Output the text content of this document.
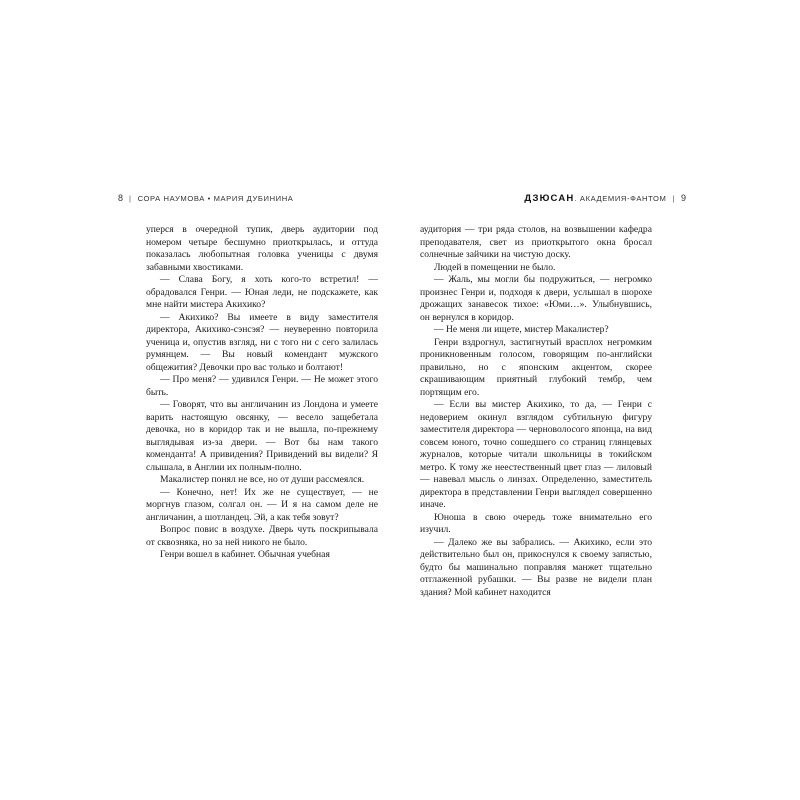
8 | СОРА НАУМОВА • МАРИЯ ДУБИНИНА

уперся в очередной тупик, дверь аудитории под номером четыре бесшумно приоткрылась, и оттуда показалась любопытная головка ученицы с двумя забавными хвостиками.

— Слава Богу, я хоть кого-то встретил! — обрадовался Генри. — Юная леди, не подскажете, как мне найти мистера Акихико?

— Акихико? Вы имеете в виду заместителя директора, Акихико-сэнсэя? — неуверенно повторила ученица и, опустив взгляд, ни с того ни с сего залилась румянцем. — Вы новый комендант мужского общежития? Девочки про вас только и болтают!

— Про меня? — удивился Генри. — Не может этого быть.

— Говорят, что вы англичанин из Лондона и умеете варить настоящую овсянку, — весело защебетала девочка, но в коридор так и не вышла, по-прежнему выглядывая из-за двери. — Вот бы нам такого коменданта! А привидения? Привидений вы видели? Я слышала, в Англии их полным-полно.

Макалистер понял не все, но от души рассмеялся.

— Конечно, нет! Их же не существует, — не моргнув глазом, солгал он. — И я на самом деле не англичанин, а шотландец. Эй, а как тебя зовут?

Вопрос повис в воздухе. Дверь чуть поскрипывала от сквозняка, но за ней никого не было.

Генри вошел в кабинет. Обычная учебная

ДЗЮСАН . АКАДЕМИЯ-ФАНТОМ | 9

аудитория — три ряда столов, на возвышении кафедра преподавателя, свет из приоткрытого окна бросал солнечные зайчики на чистую доску.

Людей в помещении не было.

— Жаль, мы могли бы подружиться, — негромко произнес Генри и, подходя к двери, услышал в шорохе дрожащих занавесок тихое: «Юми…». Улыбнувшись, он вернулся в коридор.

— Не меня ли ищете, мистер Макалистер?

Генри вздрогнул, застигнутый врасплох негромким проникновенным голосом, говорящим по-английски правильно, но с японским акцентом, скорее скрашивающим приятный глубокий тембр, чем портящим его.

— Если вы мистер Акихико, то да, — Генри с недоверием окинул взглядом субтильную фигуру заместителя директора — черноволосого японца, на вид совсем юного, точно сошедшего со страниц глянцевых журналов, которые читали школьницы в токийском метро. К тому же неестественный цвет глаз — лиловый — навевал мысль о линзах. Определенно, заместитель директора в представлении Генри выглядел совершенно иначе.

Юноша в свою очередь тоже внимательно его изучил.

— Далеко же вы забрались. — Акихико, если это действительно был он, прикоснулся к своему запястью, будто бы машинально поправляя манжет тщательно отглаженной рубашки. — Вы разве не видели план здания? Мой кабинет находится
